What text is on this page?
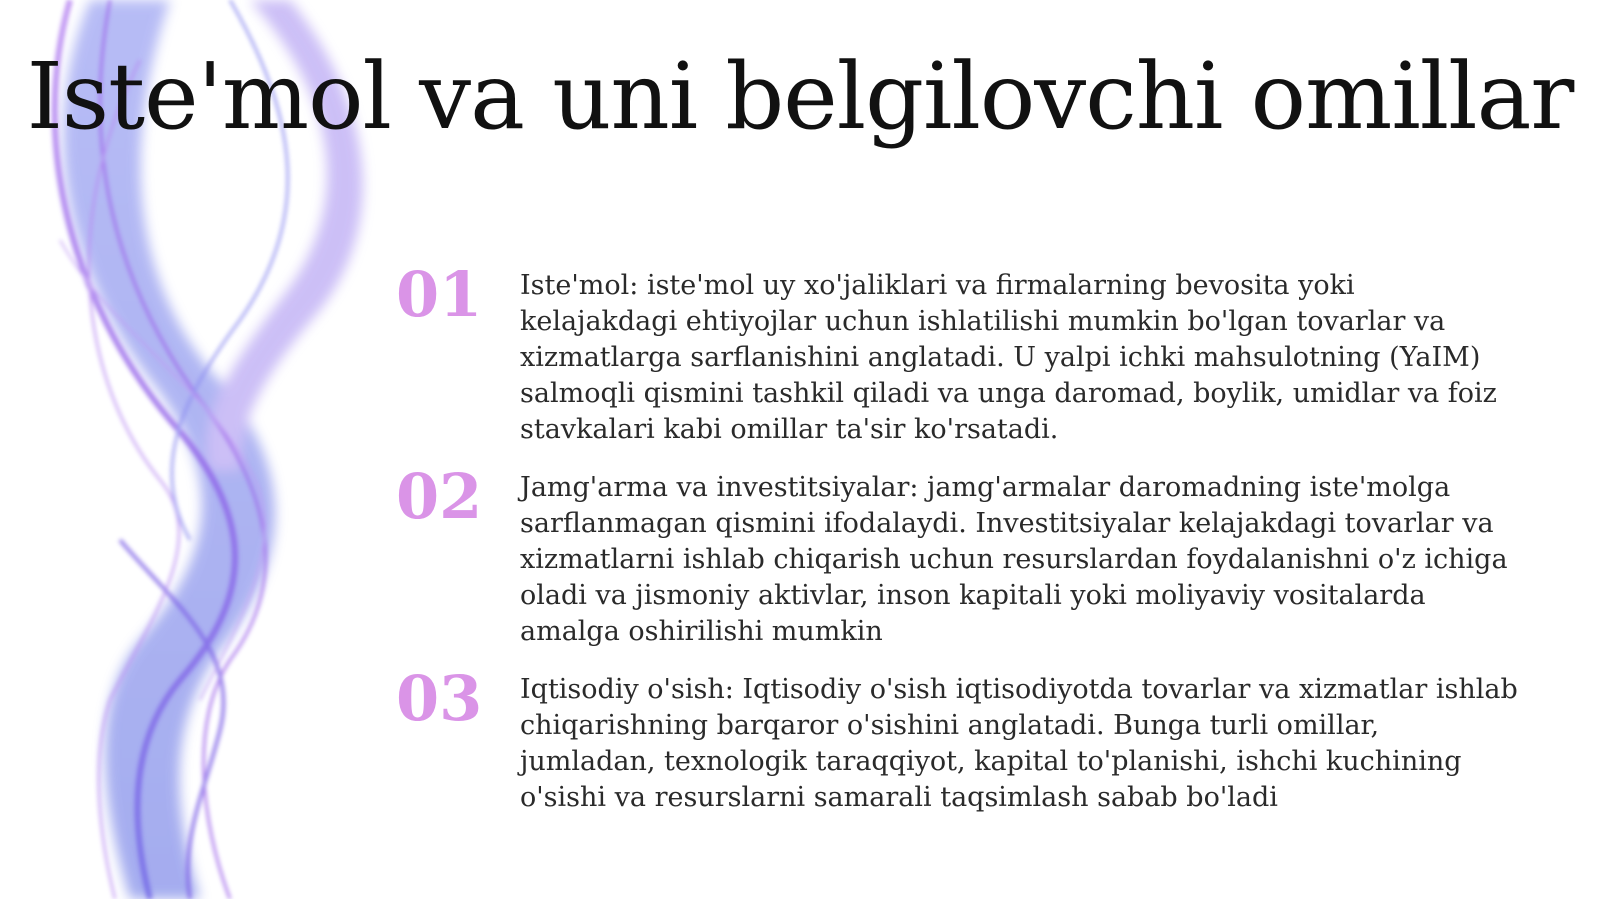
Iste'mol va uni belgilovchi omillar
01	Iste'mol: iste'mol uy xo'jaliklari va firmalarning bevosita yoki kelajakdagi ehtiyojlar uchun ishlatilishi mumkin bo'lgan tovarlar va xizmatlarga sarflanishini anglatadi. U yalpi ichki mahsulotning (YaIM) salmoqli qismini tashkil qiladi va unga daromad, boylik, umidlar va foiz stavkalari kabi omillar ta'sir ko'rsatadi.

02	Jamg'arma va investitsiyalar: jamg'armalar daromadning iste'molga sarflanmagan qismini ifodalaydi. Investitsiyalar kelajakdagi tovarlar va xizmatlarni ishlab chiqarish uchun resurslardan foydalanishni o'z ichiga oladi va jismoniy aktivlar, inson kapitali yoki moliyaviy vositalarda amalga oshirilishi mumkin

03	Iqtisodiy o'sish: Iqtisodiy o'sish iqtisodiyotda tovarlar va xizmatlar ishlab chiqarishning barqaror o'sishini anglatadi. Bunga turli omillar, jumladan, texnologik taraqqiyot, kapital to'planishi, ishchi kuchining o'sishi va resurslarni samarali taqsimlash sabab bo'ladi
